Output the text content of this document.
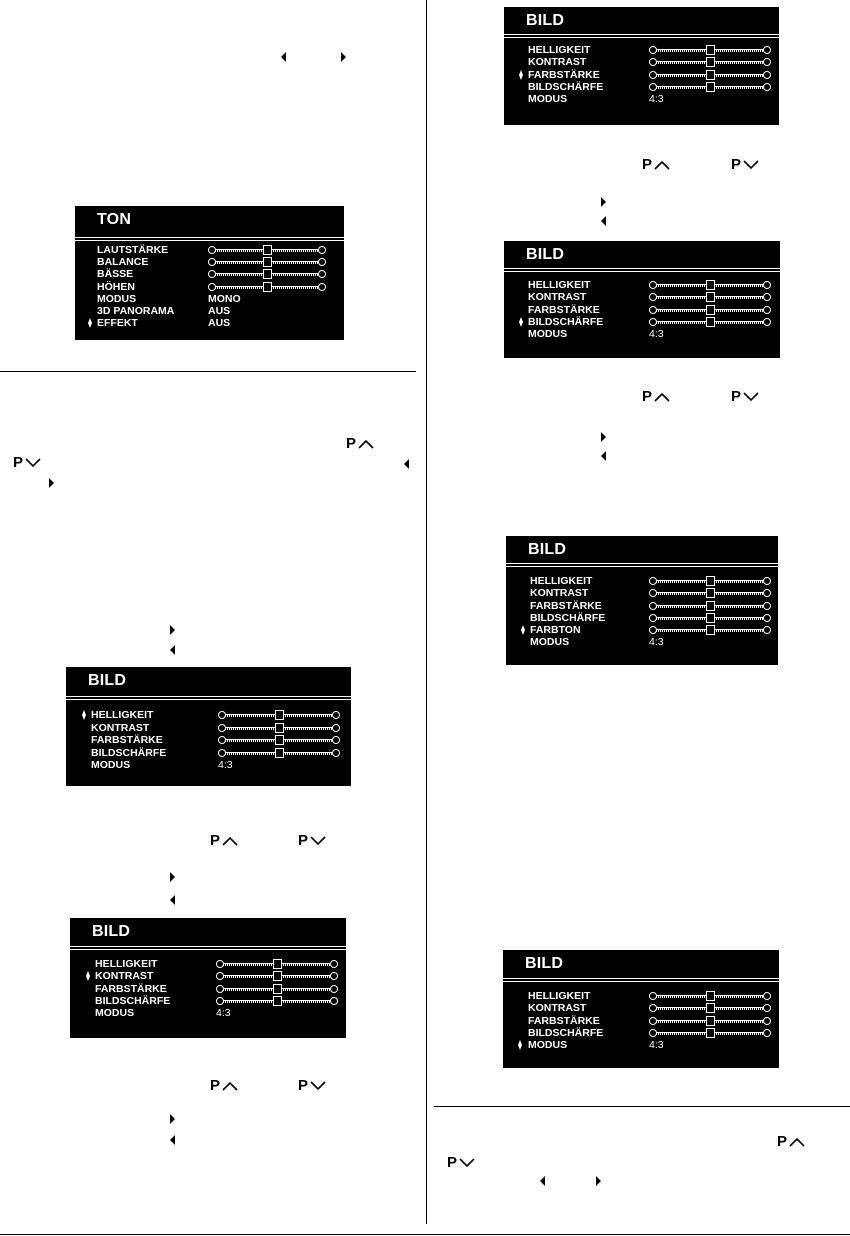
TON
LAUTSTÄRKE
BALANCE
BÄSSE
HÖHEN
MODUS	MONO
3D PANORAMA	AUS
EFFEKT	AUS
P
P
BILD
HELLIGKEIT
KONTRAST
FARBSTÄRKE
BILDSCHÄRFE
MODUS	4:3
P	P
BILD
HELLIGKEIT
KONTRAST
FARBSTÄRKE
BILDSCHÄRFE
MODUS	4:3
P	P
BILD
HELLIGKEIT
KONTRAST
FARBSTÄRKE
BILDSCHÄRFE
MODUS	4:3
P	P
BILD
HELLIGKEIT
KONTRAST
FARBSTÄRKE
BILDSCHÄRFE
MODUS	4:3
P	P
BILD
HELLIGKEIT
KONTRAST
FARBSTÄRKE
BILDSCHÄRFE
FARBTON
MODUS	4:3
BILD
HELLIGKEIT
KONTRAST
FARBSTÄRKE
BILDSCHÄRFE
MODUS	4:3
P
P
